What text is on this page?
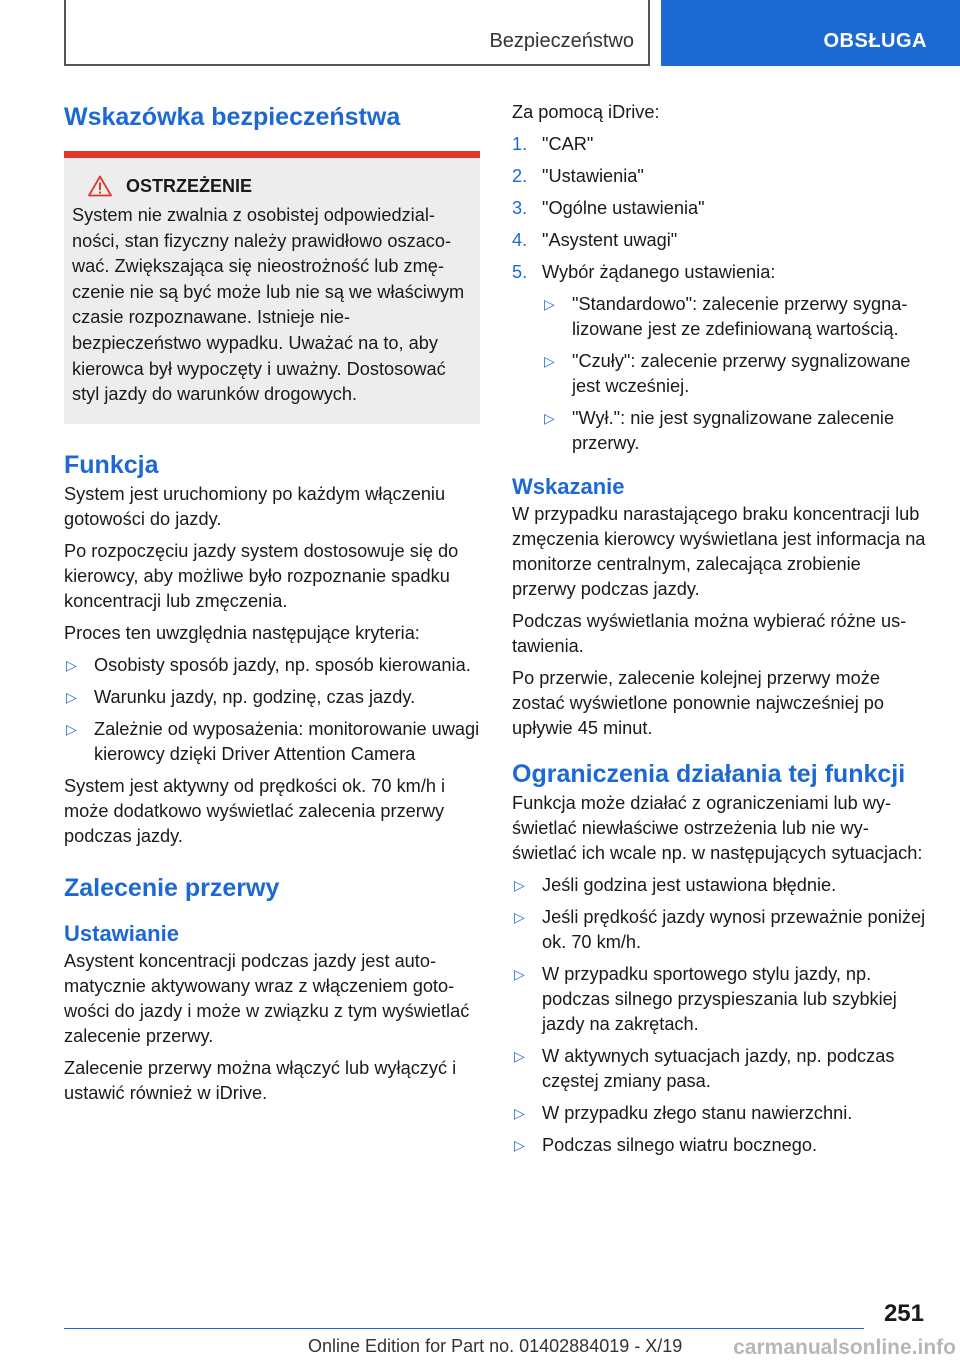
Bezpieczeństwo	OBSŁUGA
Wskazówka bezpieczeństwa
OSTRZEŻENIE

System nie zwalnia z osobistej odpowiedzialności, stan fizyczny należy prawidłowo oszacować. Zwiększająca się nieostrożność lub zmęczenie nie są być może lub nie są we właściwym czasie rozpoznawane. Istnieje niebezpieczeństwo wypadku. Uważać na to, aby kierowca był wypoczęty i uważny. Dostosować styl jazdy do warunków drogowych.

Funkcja

System jest uruchomiony po każdym włączeniu gotowości do jazdy.

Po rozpoczęciu jazdy system dostosowuje się do kierowcy, aby możliwe było rozpoznanie spadku koncentracji lub zmęczenia.

Proces ten uwzględnia następujące kryteria:

▷ Osobisty sposób jazdy, np. sposób kierowania.
▷ Warunku jazdy, np. godzinę, czas jazdy.
▷ Zależnie od wyposażenia: monitorowanie uwagi kierowcy dzięki Driver Attention Camera

System jest aktywny od prędkości ok. 70 km/h i może dodatkowo wyświetlać zalecenia przerwy podczas jazdy.

Zalecenie przerwy
Ustawianie

Asystent koncentracji podczas jazdy jest automatycznie aktywowany wraz z włączeniem gotowości do jazdy i może w związku z tym wyświetlać zalecenie przerwy.

Zalecenie przerwy można włączyć lub wyłączyć i ustawić również w iDrive.

Za pomocą iDrive:

1. "CAR"
2. "Ustawienia"
3. "Ogólne ustawienia"
4. "Asystent uwagi"
5. Wybór żądanego ustawienia:
▷ "Standardowo": zalecenie przerwy sygnalizowane jest ze zdefiniowaną wartością.
▷ "Czuły": zalecenie przerwy sygnalizowane jest wcześniej.
▷ "Wył.": nie jest sygnalizowane zalecenie przerwy.
Wskazanie

W przypadku narastającego braku koncentracji lub zmęczenia kierowcy wyświetlana jest informacja na monitorze centralnym, zalecająca zrobienie przerwy podczas jazdy.

Podczas wyświetlania można wybierać różne ustawienia.

Po przerwie, zalecenie kolejnej przerwy może zostać wyświetlone ponownie najwcześniej po upływie 45 minut.

Ograniczenia działania tej funkcji

Funkcja może działać z ograniczeniami lub wyświetlać niewłaściwe ostrzeżenia lub nie wyświetlać ich wcale np. w następujących sytuacjach:

▷ Jeśli godzina jest ustawiona błędnie.
▷ Jeśli prędkość jazdy wynosi przeważnie poniżej ok. 70 km/h.
▷ W przypadku sportowego stylu jazdy, np. podczas silnego przyspieszania lub szybkiej jazdy na zakrętach.
▷ W aktywnych sytuacjach jazdy, np. podczas częstej zmiany pasa.
▷ W przypadku złego stanu nawierzchni.
▷ Podczas silnego wiatru bocznego.
251
Online Edition for Part no. 01402884019 - X/19 carmanualsonline.info
